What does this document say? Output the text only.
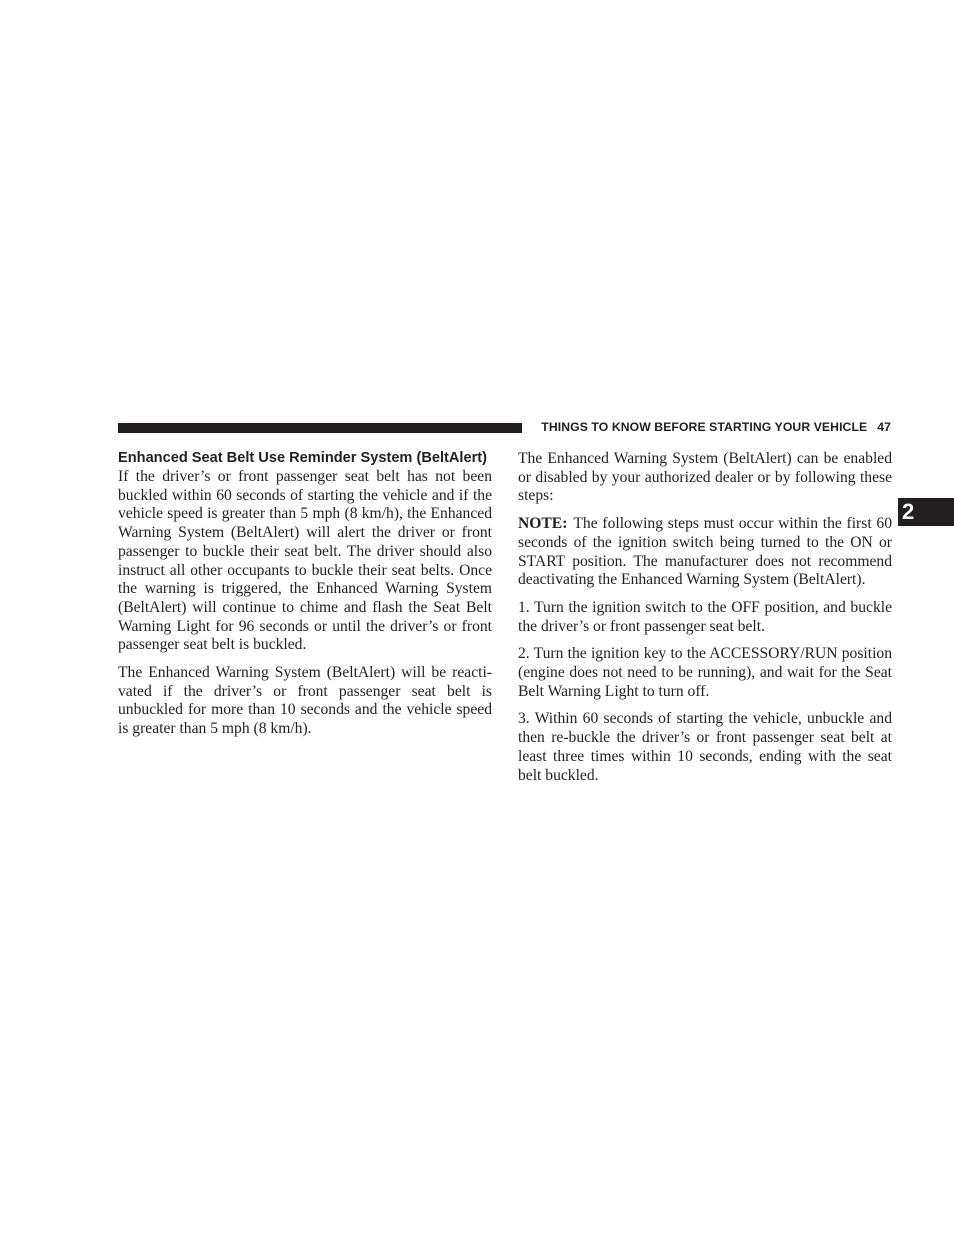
THINGS TO KNOW BEFORE STARTING YOUR VEHICLE 47
2
Enhanced Seat Belt Use Reminder System (BeltAlert)

If the driver’s or front passenger seat belt has not been buckled within 60 seconds of starting the vehicle and if the vehicle speed is greater than 5 mph (8 km/h), the Enhanced Warning System (BeltAlert) will alert the driver or front passenger to buckle their seat belt. The driver should also instruct all other occupants to buckle their seat belts. Once the warning is triggered, the Enhanced Warning System (BeltAlert) will continue to chime and flash the Seat Belt Warning Light for 96 seconds or until the driver’s or front passenger seat belt is buckled.

The Enhanced Warning System (BeltAlert) will be reactivated if the driver’s or front passenger seat belt is unbuckled for more than 10 seconds and the vehicle speed is greater than 5 mph (8 km/h).

The Enhanced Warning System (BeltAlert) can be enabled or disabled by your authorized dealer or by following these steps:

NOTE: The following steps must occur within the first 60 seconds of the ignition switch being turned to the ON or START position. The manufacturer does not recommend deactivating the Enhanced Warning System (BeltAlert).

1. Turn the ignition switch to the OFF position, and buckle the driver’s or front passenger seat belt.

2. Turn the ignition key to the ACCESSORY/RUN position (engine does not need to be running), and wait for the Seat Belt Warning Light to turn off.

3. Within 60 seconds of starting the vehicle, unbuckle and then re-buckle the driver’s or front passenger seat belt at least three times within 10 seconds, ending with the seat belt buckled.
